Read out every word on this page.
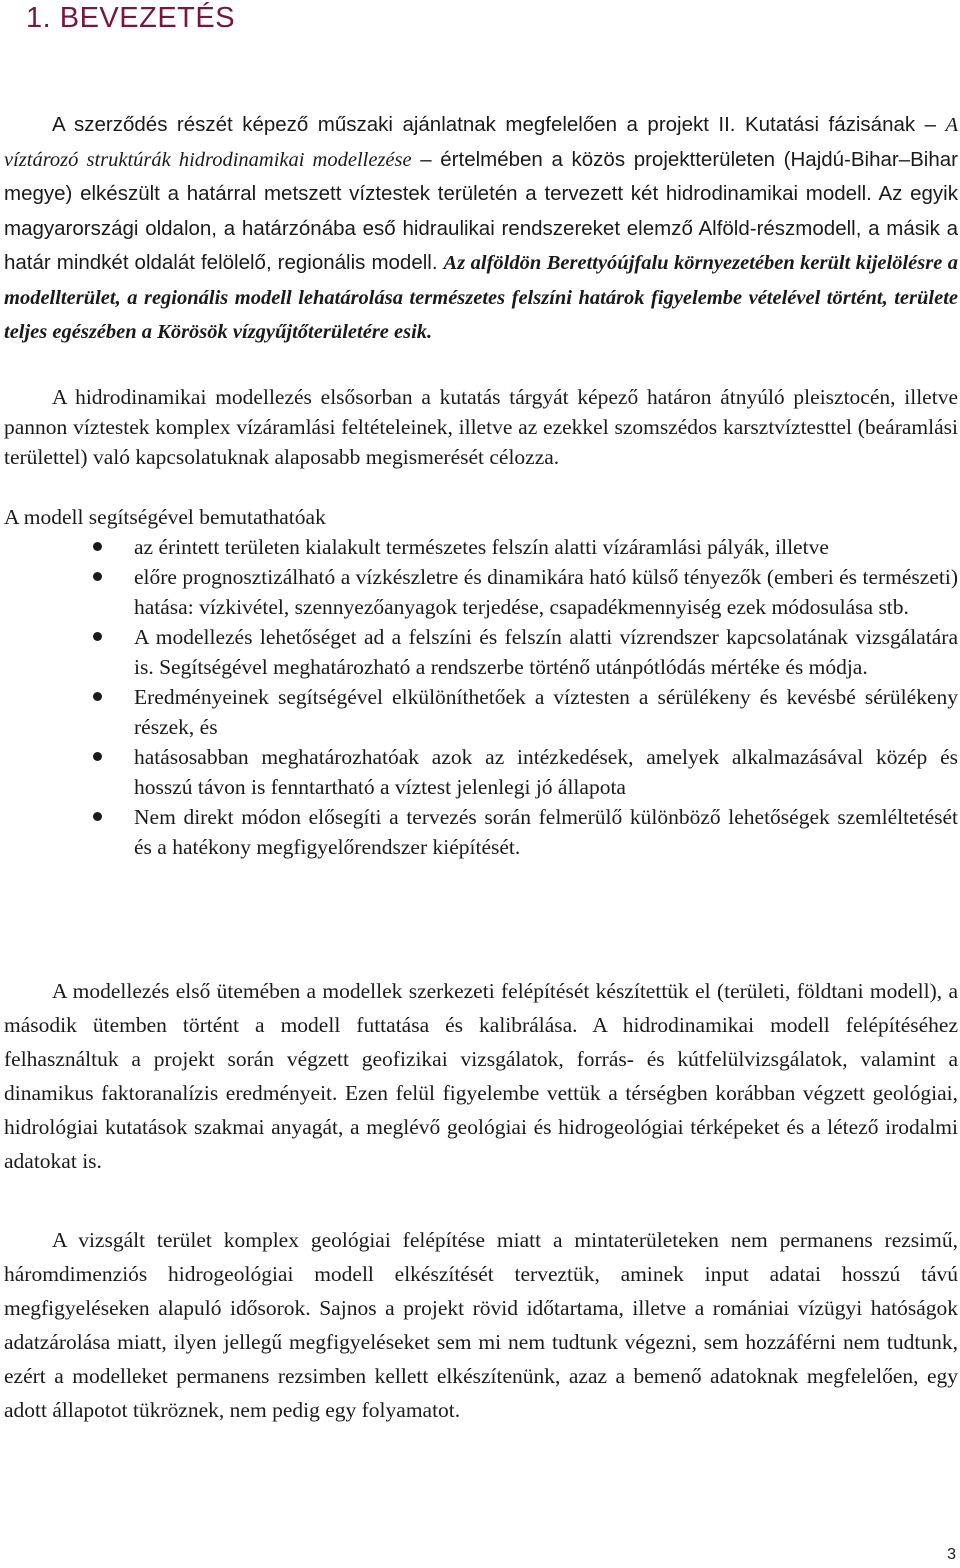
1. BEVEZETÉS

A szerződés részét képező műszaki ajánlatnak megfelelően a projekt II. Kutatási fázisának – A víztározó struktúrák hidrodinamikai modellezése – értelmében a közös projektterületen (Hajdú-Bihar–Bihar megye) elkészült a határral metszett víztestek területén a tervezett két hidrodinamikai modell. Az egyik magyarországi oldalon, a határzónába eső hidraulikai rendszereket elemző Alföld-részmodell, a másik a határ mindkét oldalát felölelő, regionális modell. Az alföldön Berettyóújfalu környezetében került kijelölésre a modellterület, a regionális modell lehatárolása természetes felszíni határok figyelembe vételével történt, területe teljes egészében a Körösök vízgyűjtőterületére esik.

A hidrodinamikai modellezés elsősorban a kutatás tárgyát képező határon átnyúló pleisztocén, illetve pannon víztestek komplex vízáramlási feltételeinek, illetve az ezekkel szomszédos karsztvíztesttel (beáramlási területtel) való kapcsolatuknak alaposabb megismerését célozza.

A modell segítségével bemutathatóak

az érintett területen kialakult természetes felszín alatti vízáramlási pályák, illetve
előre prognosztizálható a vízkészletre és dinamikára ható külső tényezők (emberi és természeti) hatása: vízkivétel, szennyezőanyagok terjedése, csapadékmennyiség ezek módosulása stb.
A modellezés lehetőséget ad a felszíni és felszín alatti vízrendszer kapcsolatának vizsgálatára is. Segítségével meghatározható a rendszerbe történő utánpótlódás mértéke és módja.
Eredményeinek segítségével elkülöníthetőek a víztesten a sérülékeny és kevésbé sérülékeny részek, és
hatásosabban meghatározhatóak azok az intézkedések, amelyek alkalmazásával közép és hosszú távon is fenntartható a víztest jelenlegi jó állapota
Nem direkt módon elősegíti a tervezés során felmerülő különböző lehetőségek szemléltetését és a hatékony megfigyelőrendszer kiépítését.

A modellezés első ütemében a modellek szerkezeti felépítését készítettük el (területi, földtani modell), a második ütemben történt a modell futtatása és kalibrálása. A hidrodinamikai modell felépítéséhez felhasználtuk a projekt során végzett geofizikai vizsgálatok, forrás- és kútfelülvizsgálatok, valamint a dinamikus faktoranalízis eredményeit. Ezen felül figyelembe vettük a térségben korábban végzett geológiai, hidrológiai kutatások szakmai anyagát, a meglévő geológiai és hidrogeológiai térképeket és a létező irodalmi adatokat is.

A vizsgált terület komplex geológiai felépítése miatt a mintaterületeken nem permanens rezsimű, háromdimenziós hidrogeológiai modell elkészítését terveztük, aminek input adatai hosszú távú megfigyeléseken alapuló idősorok. Sajnos a projekt rövid időtartama, illetve a romániai vízügyi hatóságok adatzárolása miatt, ilyen jellegű megfigyeléseket sem mi nem tudtunk végezni, sem hozzáférni nem tudtunk, ezért a modelleket permanens rezsimben kellett elkészítenünk, azaz a bemenő adatoknak megfelelően, egy adott állapotot tükröznek, nem pedig egy folyamatot.

3
